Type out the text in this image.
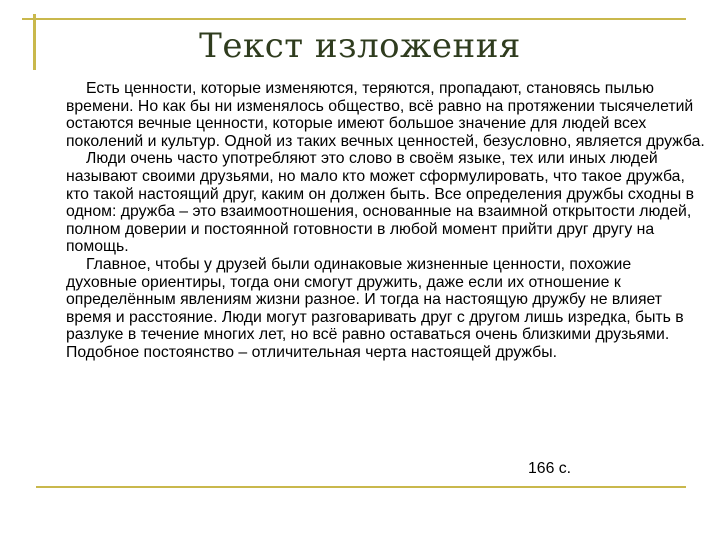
Текст изложения

Есть ценности, которые изменяются, теряются, пропадают, становясь пылью времени. Но как бы ни изменялось общество, всё равно на протяжении тысячелетий остаются вечные ценности, которые имеют большое значение для людей всех поколений и культур. Одной из таких вечных ценностей, безусловно, является дружба.

Люди очень часто употребляют это слово в своём языке, тех или иных людей называют своими друзьями, но мало кто может сформулировать, что такое дружба, кто такой настоящий друг, каким он должен быть. Все определения дружбы сходны в одном: дружба – это взаимоотношения, основанные на взаимной открытости людей, полном доверии и постоянной готовности в любой момент прийти друг другу на помощь.

Главное, чтобы у друзей были одинаковые жизненные ценности, похожие духовные ориентиры, тогда они смогут дружить, даже если их отношение к определённым явлениям жизни разное. И тогда на настоящую дружбу не влияет время и расстояние. Люди могут разговаривать друг с другом лишь изредка, быть в разлуке в течение многих лет, но всё равно оставаться очень близкими друзьями. Подобное постоянство – отличительная черта настоящей дружбы.

166 с.
